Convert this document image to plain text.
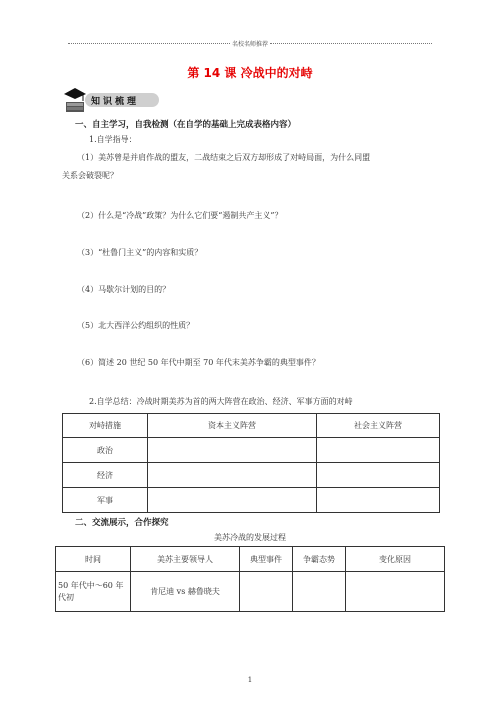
名校名师推荐
第 14 课 冷战中的对峙
知识梳理
一、自主学习，自我检测（在自学的基础上完成表格内容）
1.自学指导：
（1）美苏曾是并肩作战的盟友，二战结束之后双方却形成了对峙局面，为什么同盟
关系会破裂呢？
（2）什么是“冷战”政策？为什么它们要“遏制共产主义”？
（3）“杜鲁门主义”的内容和实质？
（4）马歇尔计划的目的？
（5）北大西洋公约组织的性质？
（6）简述 20 世纪 50 年代中期至 70 年代末美苏争霸的典型事件？
2.自学总结：冷战时期美苏为首的两大阵营在政治、经济、军事方面的对峙
对峙措施	资本主义阵营	社会主义阵营
政治		
经济		
军事		
二、交流展示，合作探究
美苏冷战的发展过程
时间	美苏主要领导人	典型事件	争霸态势	变化原因
50 年代中～60 年代初	肯尼迪 vs 赫鲁晓夫			
1
